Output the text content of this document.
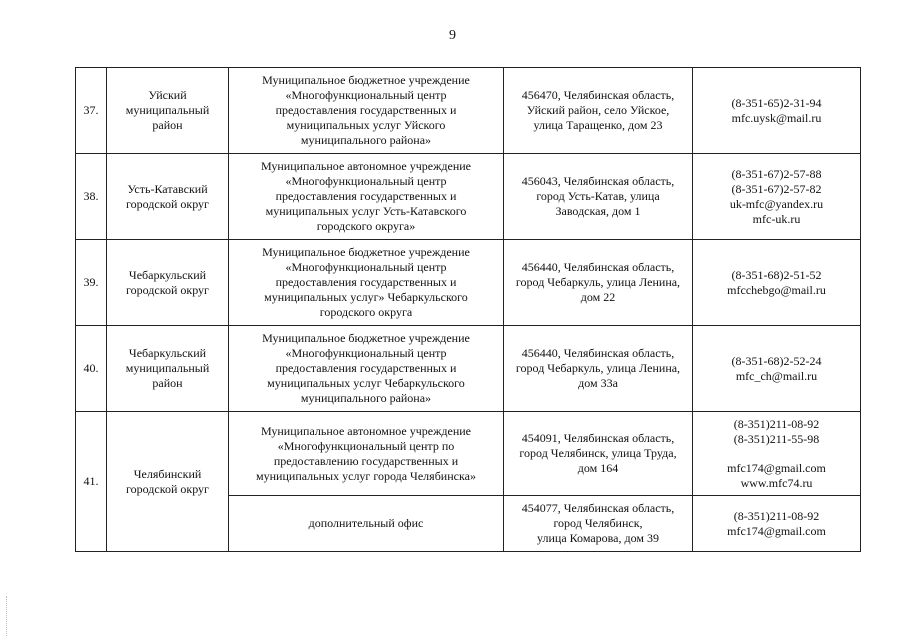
9
37.	Уйский
муниципальный
район	Муниципальное бюджетное учреждение
«Многофункциональный центр
предоставления государственных и
муниципальных услуг Уйского
муниципального района»	456470, Челябинская область,
Уйский район, село Уйское,
улица Таращенко, дом 23	(8-351-65)2-31-94
mfc.uysk@mail.ru

38.	Усть-Катавский
городской округ	Муниципальное автономное учреждение
«Многофункциональный центр
предоставления государственных и
муниципальных услуг Усть-Катавского
городского округа»	456043, Челябинская область,
город Усть-Катав, улица
Заводская, дом 1	(8-351-67)2-57-88
(8-351-67)2-57-82
uk-mfc@yandex.ru
mfc-uk.ru

39.	Чебаркульский
городской округ	Муниципальное бюджетное учреждение
«Многофункциональный центр
предоставления государственных и
муниципальных услуг» Чебаркульского
городского округа	456440, Челябинская область,
город Чебаркуль, улица Ленина,
дом 22	(8-351-68)2-51-52
mfcchebgo@mail.ru

40.	Чебаркульский
муниципальный
район	Муниципальное бюджетное учреждение
«Многофункциональный центр
предоставления государственных и
муниципальных услуг Чебаркульского
муниципального района»	456440, Челябинская область,
город Чебаркуль, улица Ленина,
дом 33а	(8-351-68)2-52-24
mfc_ch@mail.ru

41.	Челябинский
городской округ	Муниципальное автономное учреждение
«Многофункциональный центр по
предоставлению государственных и
муниципальных услуг города Челябинска»	454091, Челябинская область,
город Челябинск, улица Труда,
дом 164	(8-351)211-08-92
(8-351)211-55-98
mfc174@gmail.com
www.mfc74.ru

		дополнительный офис	454077, Челябинская область,
город Челябинск,
улица Комарова, дом 39	(8-351)211-08-92
mfc174@gmail.com
